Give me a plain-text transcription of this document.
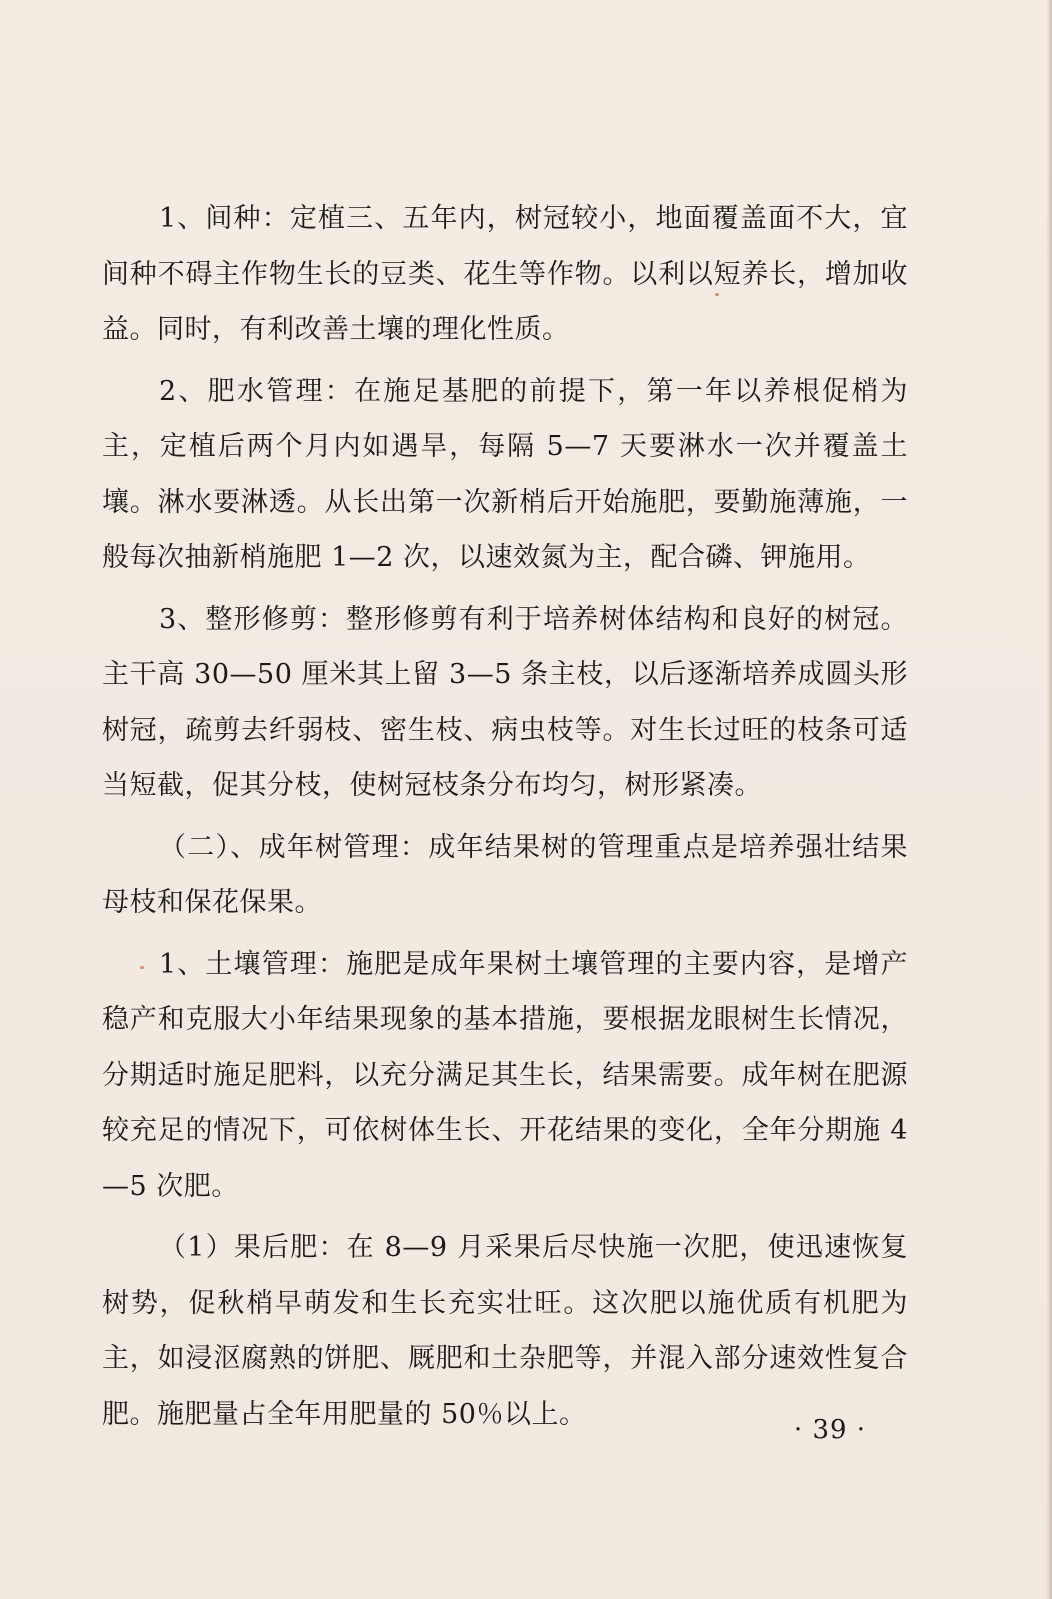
1、间种：定植三、五年内，树冠较小，地面覆盖面不大，宜间种不碍主作物生长的豆类、花生等作物。以利以短养长，增加收益。同时，有利改善土壤的理化性质。

2、肥水管理：在施足基肥的前提下，第一年以养根促梢为主，定植后两个月内如遇旱，每隔 5—7 天要淋水一次并覆盖土壤。淋水要淋透。从长出第一次新梢后开始施肥，要勤施薄施，一般每次抽新梢施肥 1—2 次，以速效氮为主，配合磷、钾施用。

3、整形修剪：整形修剪有利于培养树体结构和良好的树冠。主干高 30—50 厘米其上留 3—5 条主枝，以后逐渐培养成圆头形树冠，疏剪去纤弱枝、密生枝、病虫枝等。对生长过旺的枝条可适当短截，促其分枝，使树冠枝条分布均匀，树形紧凑。

（二）、成年树管理：成年结果树的管理重点是培养强壮结果母枝和保花保果。

1、土壤管理：施肥是成年果树土壤管理的主要内容，是增产稳产和克服大小年结果现象的基本措施，要根据龙眼树生长情况，分期适时施足肥料，以充分满足其生长，结果需要。成年树在肥源较充足的情况下，可依树体生长、开花结果的变化，全年分期施 4—5 次肥。

（1）果后肥：在 8—9 月采果后尽快施一次肥，使迅速恢复树势，促秋梢早萌发和生长充实壮旺。这次肥以施优质有机肥为主，如浸沤腐熟的饼肥、厩肥和土杂肥等，并混入部分速效性复合肥。施肥量占全年用肥量的 50％以上。

· 39 ·
